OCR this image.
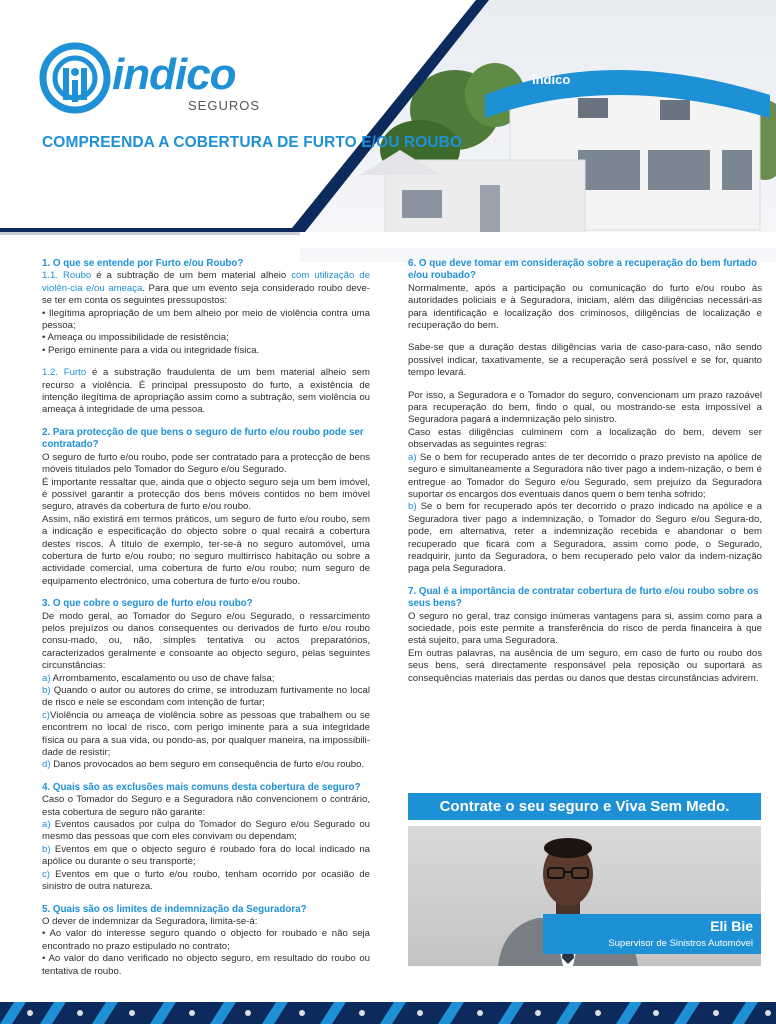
indico
indico
SEGUROS
COMPREENDA A COBERTURA DE FURTO E/OU ROUBO
1. O que se entende por Furto e/ou Roubo?

1.1. Roubo é a subtração de um bem material alheio com utilização de violên-cia e/ou ameaça. Para que um evento seja considerado roubo deve-se ter em conta os seguintes pressupostos:

• Ilegítima apropriação de um bem alheio por meio de violência contra uma pessoa;

• Ameaça ou impossibilidade de resistência;

• Perigo eminente para a vida ou integridade física.

1.2. Furto é a substração fraudulenta de um bem material alheio sem recurso a violência. É principal pressuposto do furto, a existência de intenção ilegítima de apropriação assim como a subtração, sem violência ou ameaça à integridade de uma pessoa.

2. Para protecção de que bens o seguro de furto e/ou roubo pode ser contratado?

O seguro de furto e/ou roubo, pode ser contratado para a protecção de bens móveis titulados pelo Tomador do Seguro e/ou Segurado.

É importante ressaltar que, ainda que o objecto seguro seja um bem imóvel, é possível garantir a protecção dos bens móveis contidos no bem imóvel seguro, através da cobertura de furto e/ou roubo.

Assim, não existirá em termos práticos, um seguro de furto e/ou roubo, sem a indicação e especificação do objecto sobre o qual recairá a cobertura destes riscos. À título de exemplo, ter-se-á no seguro automóvel, uma cobertura de furto e/ou roubo; no seguro multirrisco habitação ou sobre a actividade comercial, uma cobertura de furto e/ou roubo; num seguro de equipamento electrónico, uma cobertura de furto e/ou roubo.

3. O que cobre o seguro de furto e/ou roubo?

De modo geral, ao Tomador do Seguro e/ou Segurado, o ressarcimento pelos prejuízos ou danos consequentes ou derivados de furto e/ou roubo consu-mado, ou, não, simples tentativa ou actos preparatórios, caracterizados geralmente e consoante ao objecto seguro, pelas seguintes circunstâncias:

a) Arrombamento, escalamento ou uso de chave falsa;

b) Quando o autor ou autores do crime, se introduzam furtivamente no local de risco e nele se escondam com intenção de furtar;

c)Violência ou ameaça de violência sobre as pessoas que trabalhem ou se encontrem no local de risco, com perigo iminente para a sua integridade física ou para a sua vida, ou pondo-as, por qualquer maneira, na impossibili-dade de resistir;

d) Danos provocados ao bem seguro em consequência de furto e/ou roubo.

4. Quais são as exclusões mais comuns desta cobertura de seguro?

Caso o Tomador do Seguro e a Seguradora não convencionem o contrário, esta cobertura de seguro não garante:

a) Eventos causados por culpa do Tomador do Seguro e/ou Segurado ou mesmo das pessoas que com eles convivam ou dependam;

b) Eventos em que o objecto seguro é roubado fora do local indicado na apólice ou durante o seu transporte;

c) Eventos em que o furto e/ou roubo, tenham ocorrido por ocasião de sinistro de outra natureza.

5. Quais são os limites de indemnização da Seguradora?

O dever de indemnizar da Seguradora, limita-se-á:

• Ao valor do interesse seguro quando o objecto for roubado e não seja encontrado no prazo estipulado no contrato;

• Ao valor do dano verificado no objecto seguro, em resultado do roubo ou tentativa de roubo.

6. O que deve tomar em consideração sobre a recuperação do bem furtado e/ou roubado?

Normalmente, após a participação ou comunicação do furto e/ou roubo às autoridades policiais e à Seguradora, iniciam, além das diligências necessári-as para identificação e localização dos criminosos, diligências de localização e recuperação do bem.

Sabe-se que a duração destas diligências varia de caso-para-caso, não sendo possível indicar, taxativamente, se a recuperação será possível e se for, quanto tempo levará.

Por isso, a Seguradora e o Tomador do seguro, convencionam um prazo razoável para recuperação do bem, findo o qual, ou mostrando-se esta impossível a Seguradora pagará a indemnização pelo sinistro.

Caso estas diligências culminem com a localização do bem, devem ser observadas as seguintes regras:

a) Se o bem for recuperado antes de ter decorrido o prazo previsto na apólice de seguro e simultaneamente a Seguradora não tiver pago a indem-nização, o bem é entregue ao Tomador do Seguro e/ou Segurado, sem prejuízo da Seguradora suportar os encargos dos eventuais danos quem o bem tenha sofrido;

b) Se o bem for recuperado após ter decorrido o prazo indicado na apólice e a Seguradora tiver pago a indemnização, o Tomador do Seguro e/ou Segura-do, pode, em alternativa, reter a indemnização recebida e abandonar o bem recuperado que ficará com a Seguradora, assim como pode, o Segurado, readquirir, junto da Seguradora, o bem recuperado pelo valor da indem-nização paga pela Seguradora.

7. Qual é a importância de contratar cobertura de furto e/ou roubo sobre os seus bens?

O seguro no geral, traz consigo inúmeras vantagens para si, assim como para a sociedade, pois este permite a transferência do risco de perda financeira à que está sujeito, para uma Seguradora.

Em outras palavras, na ausência de um seguro, em caso de furto ou roubo dos seus bens, será directamente responsável pela reposição ou suportará as consequências materiais das perdas ou danos que destas circunstâncias advirem.

Contrate o seu seguro e Viva Sem Medo.
Eli Bie
Supervisor de Sinistros Automóvel
